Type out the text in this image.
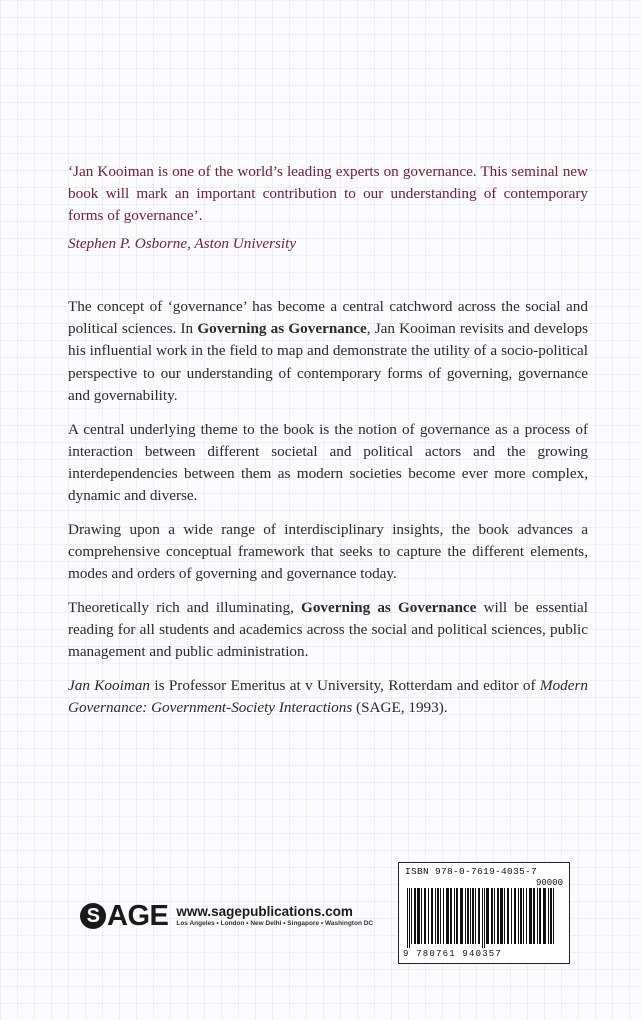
‘Jan Kooiman is one of the world’s leading experts on governance. This seminal new book will mark an important contribution to our understanding of contemporary forms of governance’.

Stephen P. Osborne, Aston University

The concept of ‘governance’ has become a central catchword across the social and political sciences. In Governing as Governance, Jan Kooiman revisits and develops his influential work in the field to map and demonstrate the utility of a socio-political perspective to our understanding of contemporary forms of governing, governance and governability.

A central underlying theme to the book is the notion of governance as a process of interaction between different societal and political actors and the growing interdependencies between them as modern societies become ever more complex, dynamic and diverse.

Drawing upon a wide range of interdisciplinary insights, the book advances a comprehensive conceptual framework that seeks to capture the different elements, modes and orders of governing and governance today.

Theoretically rich and illuminating, Governing as Governance will be essential reading for all students and academics across the social and political sciences, public management and public administration.

Jan Kooiman is Professor Emeritus at v University, Rotterdam and editor of Modern Governance: Government-Society Interactions (SAGE, 1993).

S AGE www.sagepublications.com
Los Angeles • London • New Delhi • Singapore • Washington DC
ISBN 978-0-7619-4035-7
90000
9 780761 940357
